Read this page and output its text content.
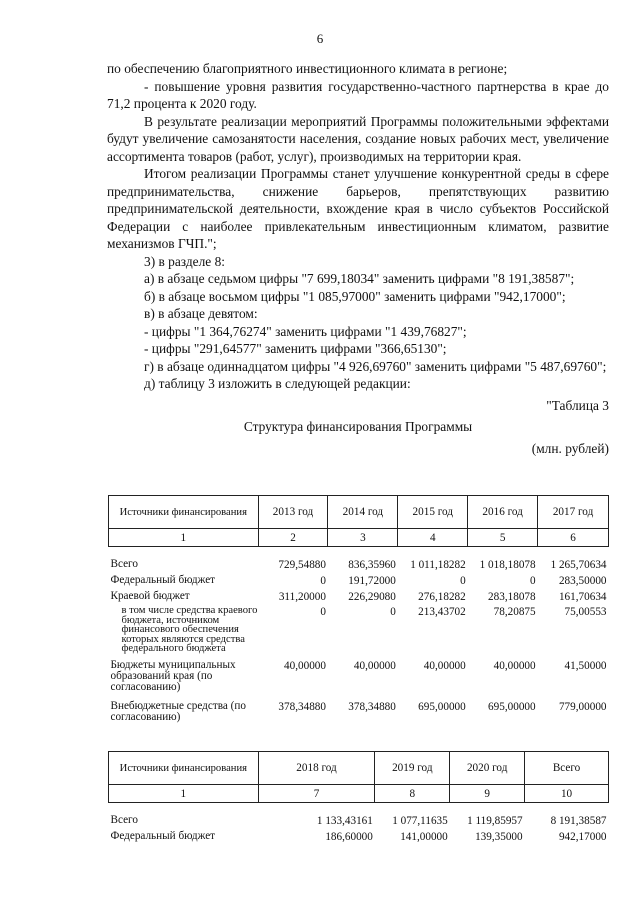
6

по обеспечению благоприятного инвестиционного климата в регионе;

- повышение уровня развития государственно-частного партнерства в крае до 71,2 процента к 2020 году.

В результате реализации мероприятий Программы положительными эффектами будут увеличение самозанятости населения, создание новых рабочих мест, увеличение ассортимента товаров (работ, услуг), производимых на территории края.

Итогом реализации Программы станет улучшение конкурентной среды в сфере предпринимательства, снижение барьеров, препятствующих развитию предпринимательской деятельности, вхождение края в число субъектов Российской Федерации с наиболее привлекательным инвестиционным климатом, развитие механизмов ГЧП.";

3) в разделе 8:

а) в абзаце седьмом цифры "7 699,18034" заменить цифрами "8 191,38587";

б) в абзаце восьмом цифры "1 085,97000" заменить цифрами "942,17000";

в) в абзаце девятом:

- цифры "1 364,76274" заменить цифрами "1 439,76827";

- цифры "291,64577" заменить цифрами "366,65130";

г) в абзаце одиннадцатом цифры "4 926,69760" заменить цифрами "5 487,69760";

д) таблицу 3 изложить в следующей редакции:

"Таблица 3

Структура финансирования Программы

(млн. рублей)

Источники финансирования	2013 год	2014 год	2015 год	2016 год	2017 год
1	2	3	4	5	6

Всего	729,54880	836,35960	1 011,18282	1 018,18078	1 265,70634
Федеральный бюджет	0	191,72000	0	0	283,50000
Краевой бюджет	311,20000	226,29080	276,18282	283,18078	161,70634
в том числе средства краевого бюджета, источником финансового обеспечения которых являются средства федерального бюджета	0	0	213,43702	78,20875	75,00553
Бюджеты муниципальных образований края (по согласованию)	40,00000	40,00000	40,00000	40,00000	41,50000
Внебюджетные средства (по согласованию)	378,34880	378,34880	695,00000	695,00000	779,00000
Источники финансирования	2018 год	2019 год	2020 год	Всего
1	7	8	9	10

Всего	1 133,43161	1 077,11635	1 119,85957	8 191,38587
Федеральный бюджет	186,60000	141,00000	139,35000	942,17000
